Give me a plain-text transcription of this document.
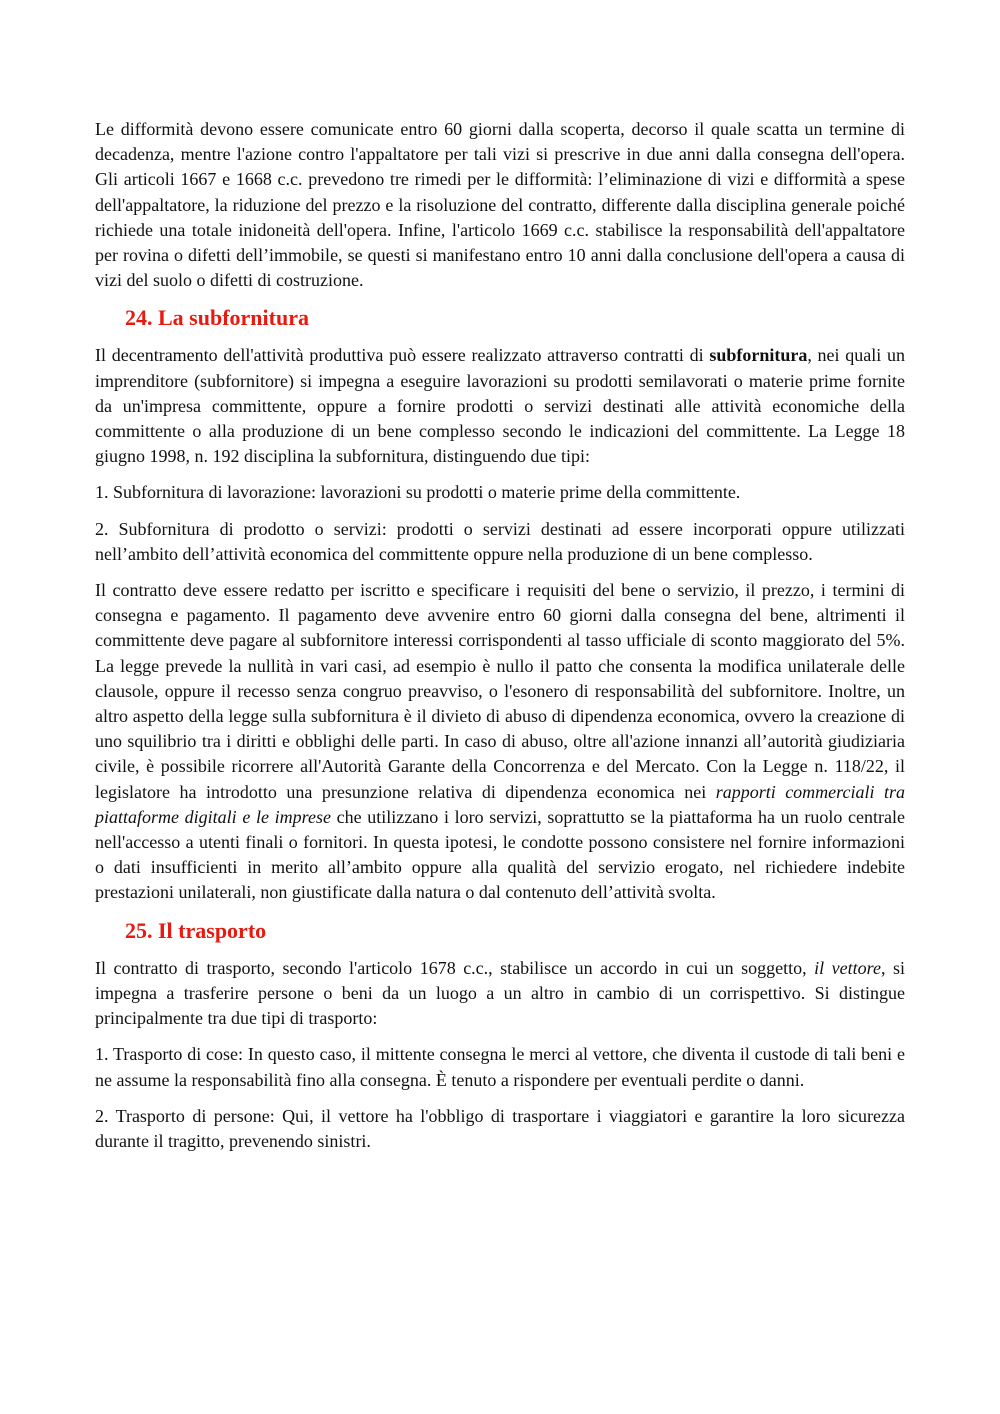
Le difformità devono essere comunicate entro 60 giorni dalla scoperta, decorso il quale scatta un termine di decadenza, mentre l'azione contro l'appaltatore per tali vizi si prescrive in due anni dalla consegna dell'opera. Gli articoli 1667 e 1668 c.c. prevedono tre rimedi per le difformità: l’eliminazione di vizi e difformità a spese dell'appaltatore, la riduzione del prezzo e la risoluzione del contratto, differente dalla disciplina generale poiché richiede una totale inidoneità dell'opera. Infine, l'articolo 1669 c.c. stabilisce la responsabilità dell'appaltatore per rovina o difetti dell’immobile, se questi si manifestano entro 10 anni dalla conclusione dell'opera a causa di vizi del suolo o difetti di costruzione.

24. La subfornitura

Il decentramento dell'attività produttiva può essere realizzato attraverso contratti di subfornitura, nei quali un imprenditore (subfornitore) si impegna a eseguire lavorazioni su prodotti semilavorati o materie prime fornite da un'impresa committente, oppure a fornire prodotti o servizi destinati alle attività economiche della committente o alla produzione di un bene complesso secondo le indicazioni del committente. La Legge 18 giugno 1998, n. 192 disciplina la subfornitura, distinguendo due tipi:

1. Subfornitura di lavorazione: lavorazioni su prodotti o materie prime della committente.

2. Subfornitura di prodotto o servizi: prodotti o servizi destinati ad essere incorporati oppure utilizzati nell’ambito dell’attività economica del committente oppure nella produzione di un bene complesso.

Il contratto deve essere redatto per iscritto e specificare i requisiti del bene o servizio, il prezzo, i termini di consegna e pagamento. Il pagamento deve avvenire entro 60 giorni dalla consegna del bene, altrimenti il committente deve pagare al subfornitore interessi corrispondenti al tasso ufficiale di sconto maggiorato del 5%. La legge prevede la nullità in vari casi, ad esempio è nullo il patto che consenta la modifica unilaterale delle clausole, oppure il recesso senza congruo preavviso, o l'esonero di responsabilità del subfornitore. Inoltre, un altro aspetto della legge sulla subfornitura è il divieto di abuso di dipendenza economica, ovvero la creazione di uno squilibrio tra i diritti e obblighi delle parti. In caso di abuso, oltre all'azione innanzi all’autorità giudiziaria civile, è possibile ricorrere all'Autorità Garante della Concorrenza e del Mercato. Con la Legge n. 118/22, il legislatore ha introdotto una presunzione relativa di dipendenza economica nei rapporti commerciali tra piattaforme digitali e le imprese che utilizzano i loro servizi, soprattutto se la piattaforma ha un ruolo centrale nell'accesso a utenti finali o fornitori. In questa ipotesi, le condotte possono consistere nel fornire informazioni o dati insufficienti in merito all’ambito oppure alla qualità del servizio erogato, nel richiedere indebite prestazioni unilaterali, non giustificate dalla natura o dal contenuto dell’attività svolta.

25. Il trasporto

Il contratto di trasporto, secondo l'articolo 1678 c.c., stabilisce un accordo in cui un soggetto, il vettore, si impegna a trasferire persone o beni da un luogo a un altro in cambio di un corrispettivo. Si distingue principalmente tra due tipi di trasporto:

1. Trasporto di cose: In questo caso, il mittente consegna le merci al vettore, che diventa il custode di tali beni e ne assume la responsabilità fino alla consegna. È tenuto a rispondere per eventuali perdite o danni.

2. Trasporto di persone: Qui, il vettore ha l'obbligo di trasportare i viaggiatori e garantire la loro sicurezza durante il tragitto, prevenendo sinistri.
